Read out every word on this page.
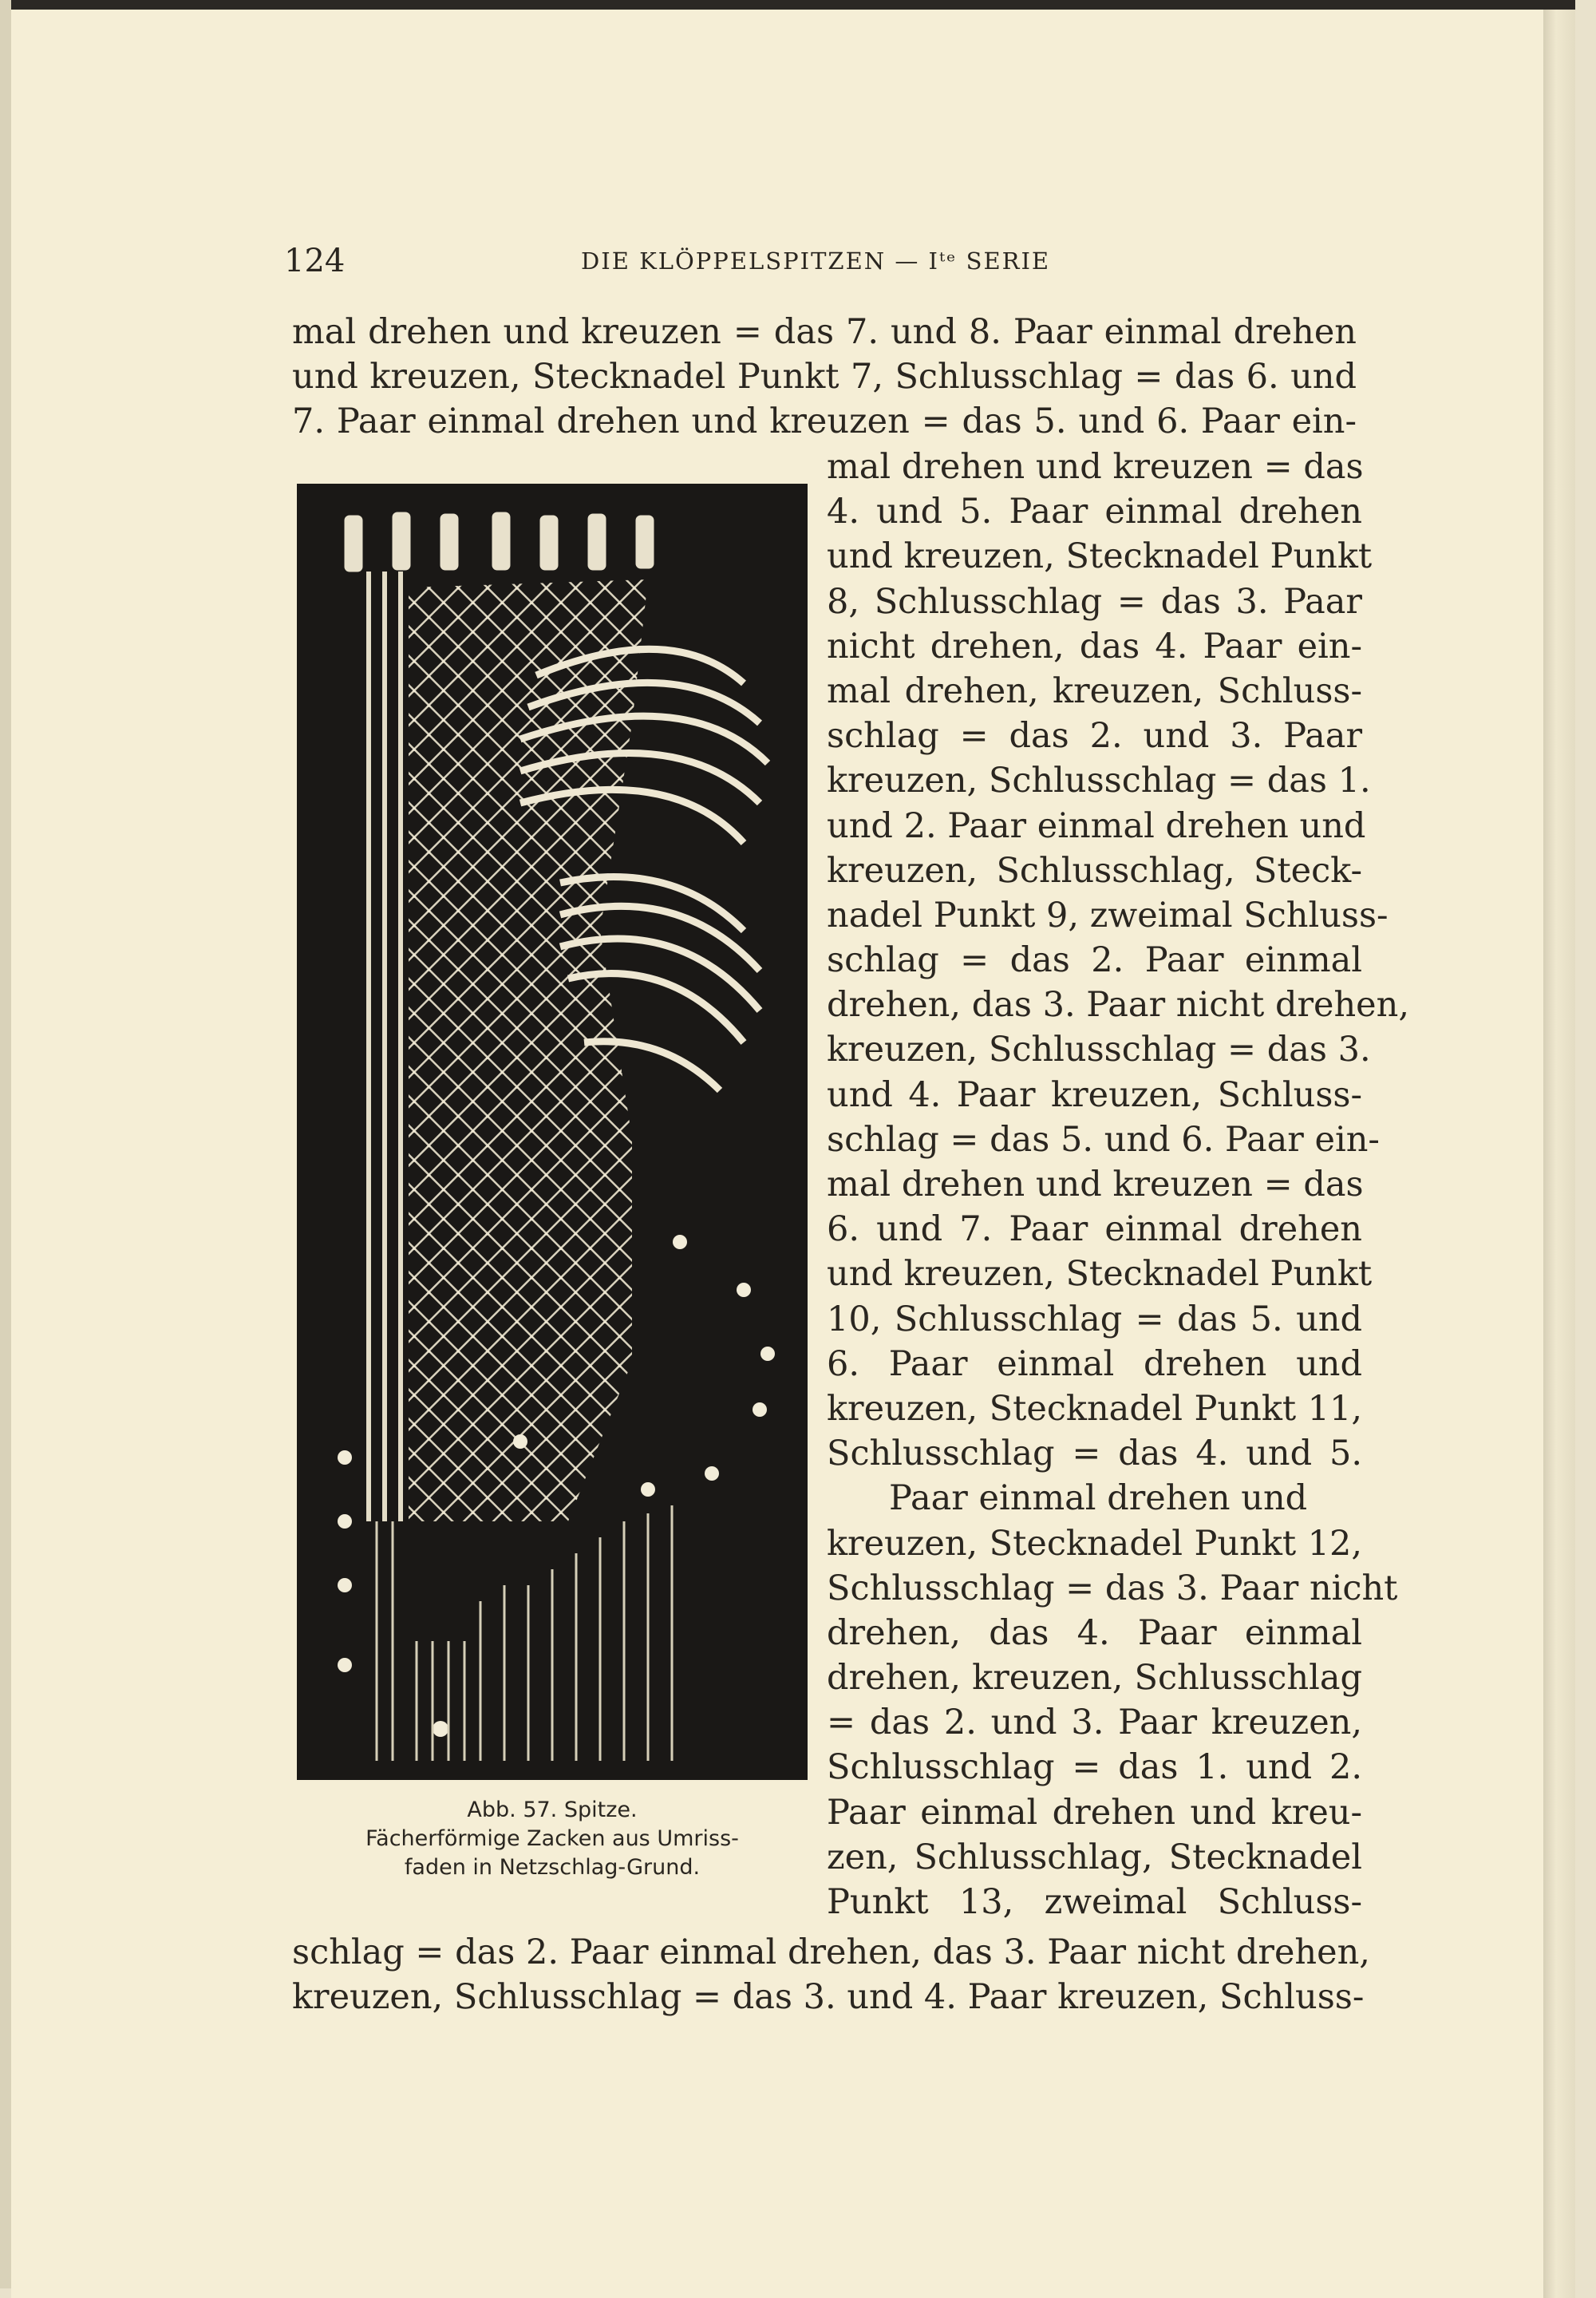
124	DIE KLÖPPELSPITZEN — Iᵗᵉ SERIE
mal drehen und kreuzen = das 7. und 8. Paar einmal drehen
und kreuzen, Stecknadel Punkt 7, Schlusschlag = das 6. und
7. Paar einmal drehen und kreuzen = das 5. und 6. Paar ein-
mal drehen und kreuzen = das
4. und 5. Paar einmal drehen
und kreuzen, Stecknadel Punkt
8, Schlusschlag = das 3. Paar
nicht drehen, das 4. Paar ein-
mal drehen, kreuzen, Schluss-
schlag = das 2. und 3. Paar
kreuzen, Schlusschlag = das 1.
und 2. Paar einmal drehen und
kreuzen, Schlusschlag, Steck-
nadel Punkt 9, zweimal Schluss-
schlag = das 2. Paar einmal
drehen, das 3. Paar nicht drehen,
kreuzen, Schlusschlag = das 3.
und 4. Paar kreuzen, Schluss-
schlag = das 5. und 6. Paar ein-
mal drehen und kreuzen = das
6. und 7. Paar einmal drehen
und kreuzen, Stecknadel Punkt
10, Schlusschlag = das 5. und
6. Paar einmal drehen und
kreuzen, Stecknadel Punkt 11,
Schlusschlag = das 4. und 5.
Paar einmal drehen und
kreuzen, Stecknadel Punkt 12,
Schlusschlag = das 3. Paar nicht
drehen, das 4. Paar einmal
drehen, kreuzen, Schlusschlag
= das 2. und 3. Paar kreuzen,
Schlusschlag = das 1. und 2.
Paar einmal drehen und kreu-
zen, Schlusschlag, Stecknadel
Punkt 13, zweimal Schluss-
Abb. 57. Spitze.
Fächerförmige Zacken aus Umriss-
faden in Netzschlag-Grund.
schlag = das 2. Paar einmal drehen, das 3. Paar nicht drehen,
kreuzen, Schlusschlag = das 3. und 4. Paar kreuzen, Schluss-
